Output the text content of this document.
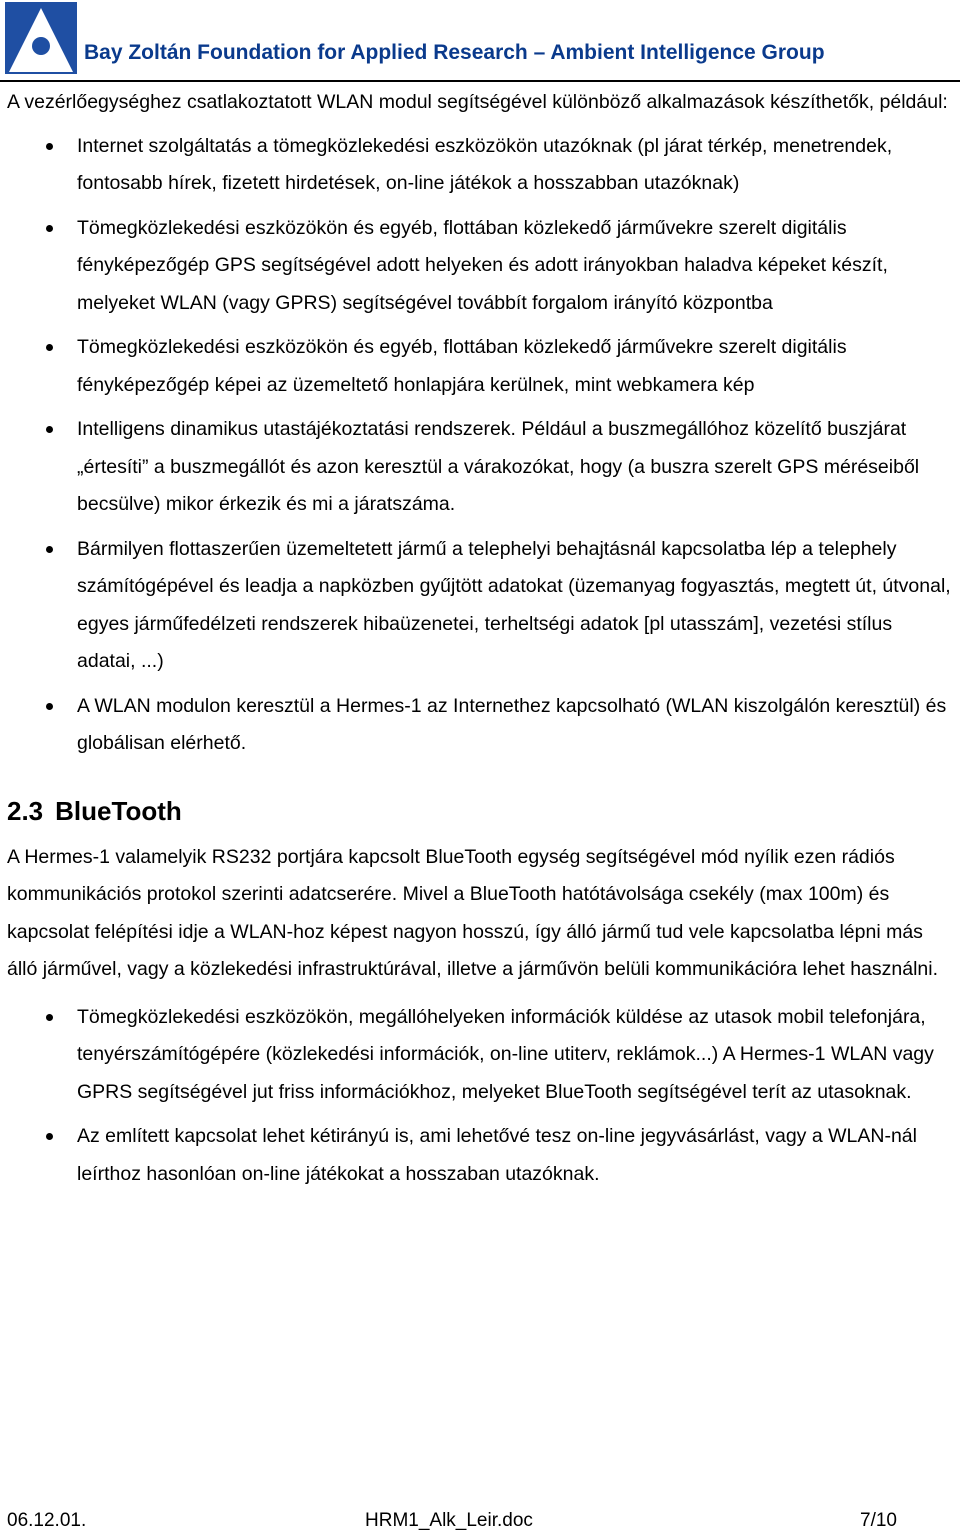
Bay Zoltán Foundation for Applied Research – Ambient Intelligence Group

A vezérlőegységhez csatlakoztatott WLAN modul segítségével különböző alkalmazások készíthetők, például:

Internet szolgáltatás a tömegközlekedési eszközökön utazóknak (pl járat térkép, menetrendek, fontosabb hírek, fizetett hirdetések, on-line játékok a hosszabban utazóknak)
Tömegközlekedési eszközökön és egyéb, flottában közlekedő járművekre szerelt digitális fényképezőgép GPS segítségével adott helyeken és adott irányokban haladva képeket készít, melyeket WLAN (vagy GPRS) segítségével továbbít forgalom irányító központba
Tömegközlekedési eszközökön és egyéb, flottában közlekedő járművekre szerelt digitális fényképezőgép képei az üzemeltető honlapjára kerülnek, mint webkamera kép
Intelligens dinamikus utastájékoztatási rendszerek. Például a buszmegállóhoz közelítő buszjárat „értesíti” a buszmegállót és azon keresztül a várakozókat, hogy (a buszra szerelt GPS méréseiből becsülve) mikor érkezik és mi a járatszáma.
Bármilyen flottaszerűen üzemeltetett jármű a telephelyi behajtásnál kapcsolatba lép a telephely számítógépével és leadja a napközben gyűjtött adatokat (üzemanyag fogyasztás, megtett út, útvonal, egyes járműfedélzeti rendszerek hibaüzenetei, terheltségi adatok [pl utasszám], vezetési stílus adatai, ...)
A WLAN modulon keresztül a Hermes-1 az Internethez kapcsolható (WLAN kiszolgálón keresztül) és globálisan elérhető.
2.3 BlueTooth

A Hermes-1 valamelyik RS232 portjára kapcsolt BlueTooth egység segítségével mód nyílik ezen rádiós kommunikációs protokol szerinti adatcserére. Mivel a BlueTooth hatótávolsága csekély (max 100m) és kapcsolat felépítési idje a WLAN-hoz képest nagyon hosszú, így álló jármű tud vele kapcsolatba lépni más álló járművel, vagy a közlekedési infrastruktúrával, illetve a járművön belüli kommunikációra lehet használni.

Tömegközlekedési eszközökön, megállóhelyeken információk küldése az utasok mobil telefonjára, tenyérszámítógépére (közlekedési információk, on-line utiterv, reklámok...) A Hermes-1 WLAN vagy GPRS segítségével jut friss információkhoz, melyeket BlueTooth segítségével terít az utasoknak.
Az említett kapcsolat lehet kétirányú is, ami lehetővé tesz on-line jegyvásárlást, vagy a WLAN-nál leírthoz hasonlóan on-line játékokat a hosszaban utazóknak.
06.12.01.	HRM1_Alk_Leir.doc	7/10
